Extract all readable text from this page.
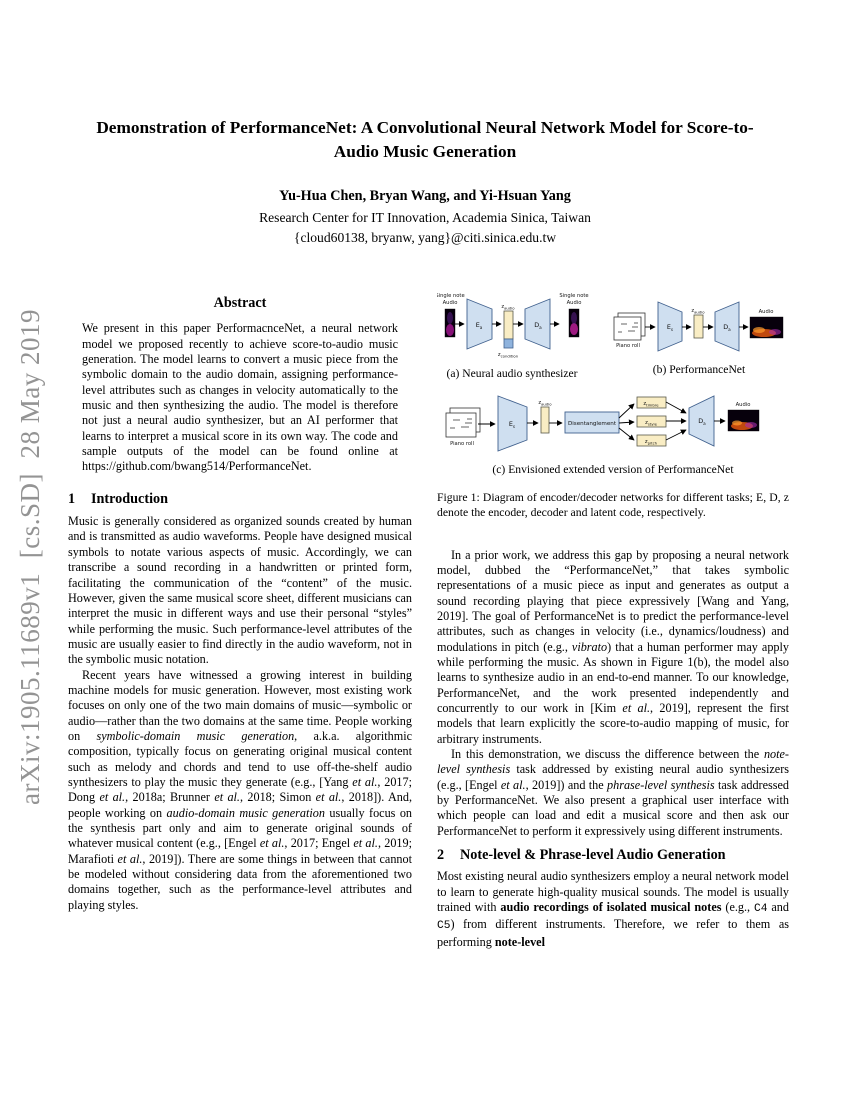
arXiv:1905.11689v1  [cs.SD]  28 May 2019
Demonstration of PerformanceNet: A Convolutional Neural Network Model for Score-to-Audio Music Generation
Yu-Hua Chen, Bryan Wang, and Yi-Hsuan Yang
Research Center for IT Innovation, Academia Sinica, Taiwan
{cloud60138, bryanw, yang}@citi.sinica.edu.tw
Abstract

We present in this paper PerformacnceNet, a neural network model we proposed recently to achieve score-to-audio music generation. The model learns to convert a music piece from the symbolic domain to the audio domain, assigning performance-level attributes such as changes in velocity automatically to the music and then synthesizing the audio. The model is therefore not just a neural audio synthesizer, but an AI performer that learns to interpret a musical score in its own way. The code and sample outputs of the model can be found online at https://github.com/bwang514/PerformanceNet.

1 Introduction

Music is generally considered as organized sounds created by human and is transmitted as audio waveforms. People have designed musical symbols to notate various aspects of music. Accordingly, we can transcribe a sound recording in a handwritten or printed form, facilitating the communication of the “content” of the music. However, given the same musical score sheet, different musicians can interpret the music in different ways and use their personal “styles” while performing the music. Such performance-level attributes of the music are usually easier to find directly in the audio waveform, not in the symbolic music notation.

Recent years have witnessed a growing interest in building machine models for music generation. However, most existing work focuses on only one of the two main domains of music—symbolic or audio—rather than the two domains at the same time. People working on symbolic-domain music generation, a.k.a. algorithmic composition, typically focus on generating original musical content such as melody and chords and tend to use off-the-shelf audio synthesizers to play the music they generate (e.g., [Yang et al., 2017; Dong et al., 2018a; Brunner et al., 2018; Simon et al., 2018]). And, people working on audio-domain music generation usually focus on the synthesis part only and aim to generate original sounds of whatever musical content (e.g., [Engel et al., 2017; Engel et al., 2019; Marafioti et al., 2019]). There are some things in between that cannot be modeled without considering data from the aforementioned two domains together, such as the performance-level attributes and playing styles.

Single note
Audio
$E_a$
$z_{audio}$
$z_{condition}$
$D_a$
Single note
Audio
(a) Neural audio synthesizer
Piano roll
$E_s$
$z_{audio}$
$D_a$
Audio
(b) PerformanceNet
Piano roll
$E_s$
$z_{audio}$
Disentanglement
$z_{timbre}$
$z_{style}$
$z_{pitch}$
$D_a$
Audio
(c) Envisioned extended version of PerformanceNet
Figure 1: Diagram of encoder/decoder networks for different tasks; E, D, z denote the encoder, decoder and latent code, respectively.

In a prior work, we address this gap by proposing a neural network model, dubbed the “PerformanceNet,” that takes symbolic representations of a music piece as input and generates as output a sound recording playing that piece expressively [Wang and Yang, 2019]. The goal of PerformanceNet is to predict the performance-level attributes, such as changes in velocity (i.e., dynamics/loudness) and modulations in pitch (e.g., vibrato) that a human performer may apply while performing the music. As shown in Figure 1(b), the model also learns to synthesize audio in an end-to-end manner. To our knowledge, PerformanceNet, and the work presented independently and concurrently to our work in [Kim et al., 2019], represent the first models that learn explicitly the score-to-audio mapping of music, for arbitrary instruments.

In this demonstration, we discuss the difference between the note-level synthesis task addressed by existing neural audio synthesizers (e.g., [Engel et al., 2019]) and the phrase-level synthesis task addressed by PerformanceNet. We also present a graphical user interface with which people can load and edit a musical score and then ask our PerformanceNet to perform it expressively using different instruments.

2 Note-level & Phrase-level Audio Generation

Most existing neural audio synthesizers employ a neural network model to learn to generate high-quality musical sounds. The model is usually trained with audio recordings of isolated musical notes (e.g., C4 and C5) from different instruments. Therefore, we refer to them as performing note-level
